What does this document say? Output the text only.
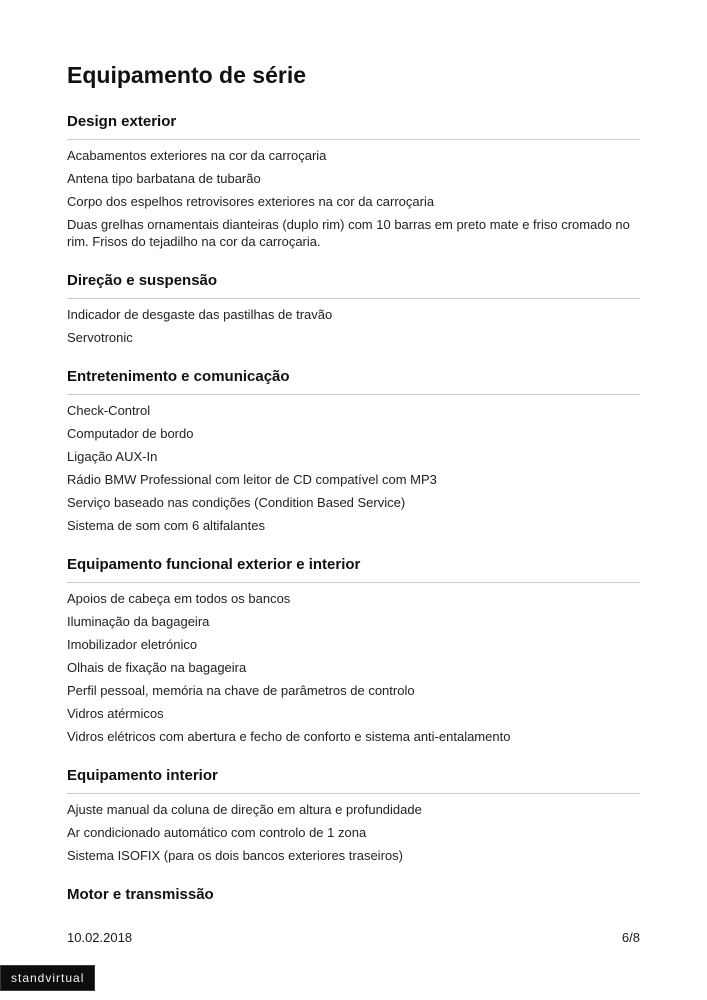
Equipamento de série
Design exterior
Acabamentos exteriores na cor da carroçaria
Antena tipo barbatana de tubarão
Corpo dos espelhos retrovisores exteriores na cor da carroçaria
Duas grelhas ornamentais dianteiras (duplo rim) com 10 barras em preto mate e friso cromado no rim. Frisos do tejadilho na cor da carroçaria.
Direção e suspensão
Indicador de desgaste das pastilhas de travão
Servotronic
Entretenimento e comunicação
Check-Control
Computador de bordo
Ligação AUX-In
Rádio BMW Professional com leitor de CD compatível com MP3
Serviço baseado nas condições (Condition Based Service)
Sistema de som com 6 altifalantes
Equipamento funcional exterior e interior
Apoios de cabeça em todos os bancos
Iluminação da bagageira
Imobilizador eletrónico
Olhais de fixação na bagageira
Perfil pessoal, memória na chave de parâmetros de controlo
Vidros atérmicos
Vidros elétricos com abertura e fecho de conforto e sistema anti-entalamento
Equipamento interior
Ajuste manual da coluna de direção em altura e profundidade
Ar condicionado automático com controlo de 1 zona
Sistema ISOFIX (para os dois bancos exteriores traseiros)
Motor e transmissão
10.02.2018	6/8
standvirtual
